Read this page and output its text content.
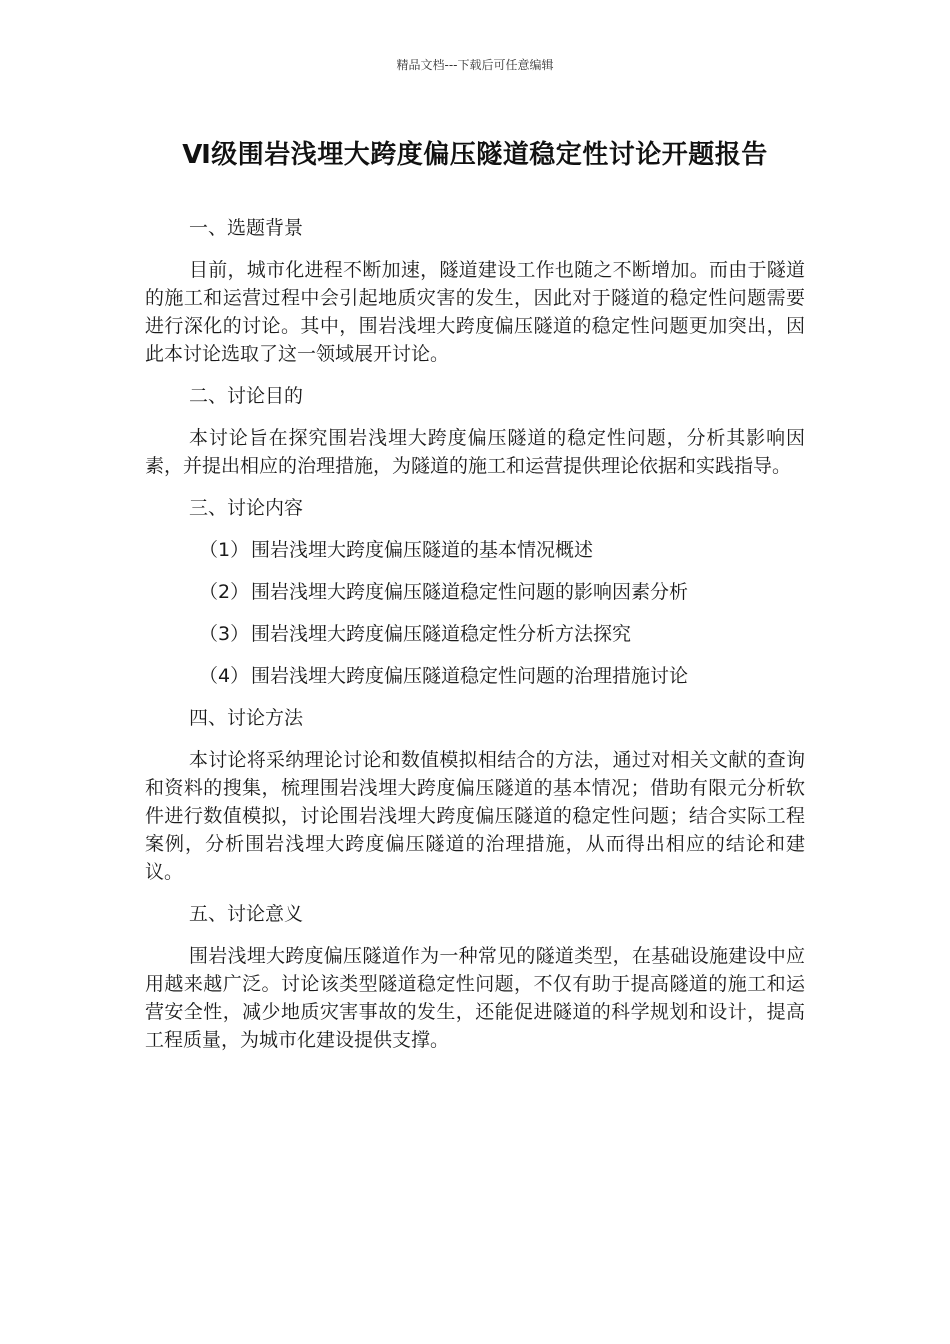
精品文档---下载后可任意编辑
Ⅵ级围岩浅埋大跨度偏压隧道稳定性讨论开题报告
一、选题背景
目前，城市化进程不断加速，隧道建设工作也随之不断增加。而由于隧道的施工和运营过程中会引起地质灾害的发生，因此对于隧道的稳定性问题需要进行深化的讨论。其中，围岩浅埋大跨度偏压隧道的稳定性问题更加突出，因此本讨论选取了这一领域展开讨论。
二、讨论目的
本讨论旨在探究围岩浅埋大跨度偏压隧道的稳定性问题，分析其影响因素，并提出相应的治理措施，为隧道的施工和运营提供理论依据和实践指导。
三、讨论内容
（1） 围岩浅埋大跨度偏压隧道的基本情况概述
（2） 围岩浅埋大跨度偏压隧道稳定性问题的影响因素分析
（3） 围岩浅埋大跨度偏压隧道稳定性分析方法探究
（4） 围岩浅埋大跨度偏压隧道稳定性问题的治理措施讨论
四、讨论方法
本讨论将采纳理论讨论和数值模拟相结合的方法，通过对相关文献的查询和资料的搜集，梳理围岩浅埋大跨度偏压隧道的基本情况；借助有限元分析软件进行数值模拟，讨论围岩浅埋大跨度偏压隧道的稳定性问题；结合实际工程案例，分析围岩浅埋大跨度偏压隧道的治理措施，从而得出相应的结论和建议。
五、讨论意义
围岩浅埋大跨度偏压隧道作为一种常见的隧道类型，在基础设施建设中应用越来越广泛。讨论该类型隧道稳定性问题，不仅有助于提高隧道的施工和运营安全性，减少地质灾害事故的发生，还能促进隧道的科学规划和设计，提高工程质量，为城市化建设提供支撑。
